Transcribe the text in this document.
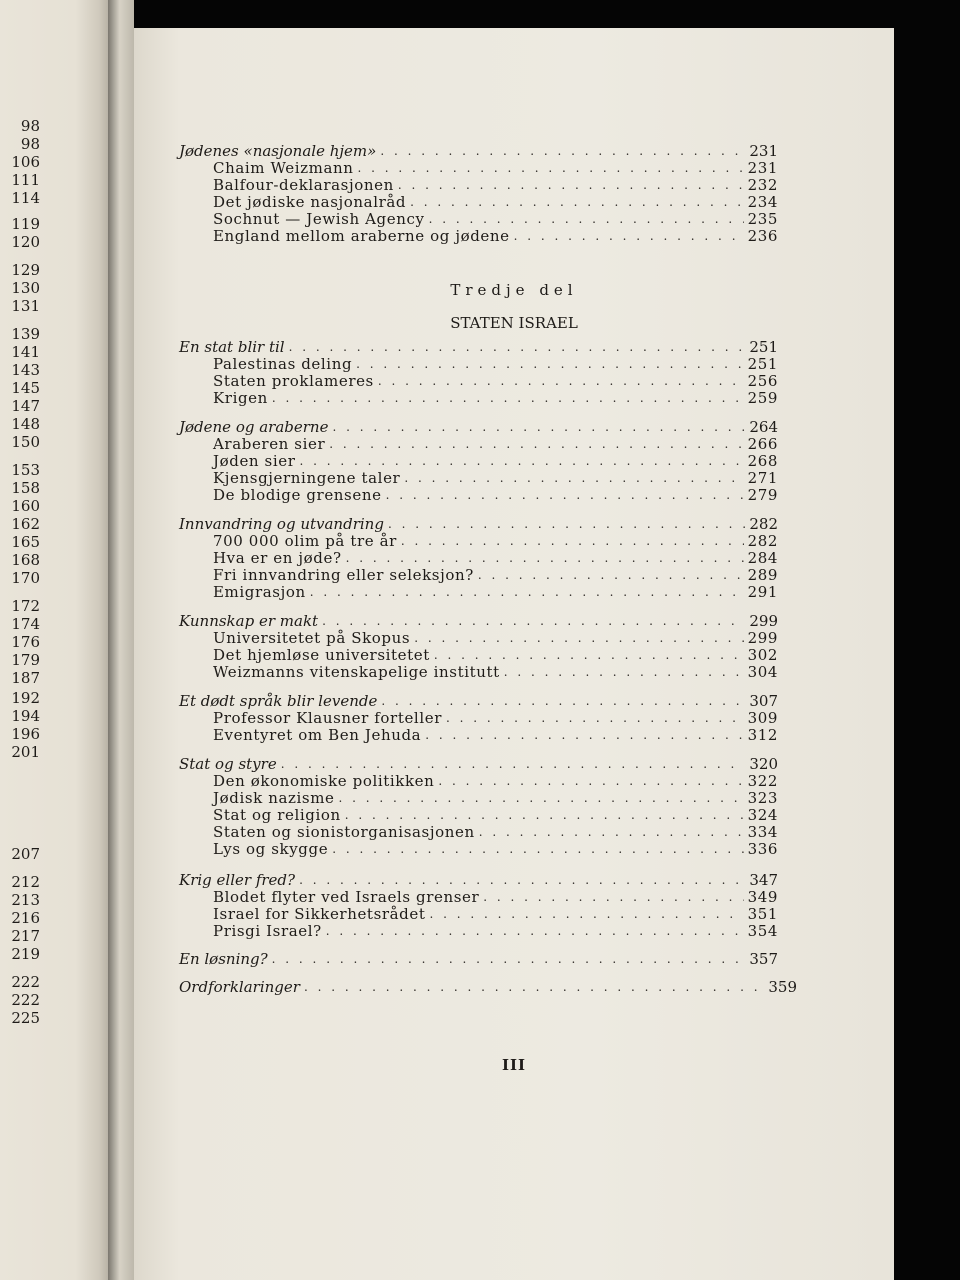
98
98
106
111
114
119
120
129
130
131
139
141
143
145
147
148
150
153
158
160
162
165
168
170
172
174
176
179
187
192
194
196
201
207
212
213
216
217
219
222
222
225
Tredje del
STATEN ISRAEL
III
Jødenes «nasjonale hjem» . . .	231
Chaim Weizmann . . .	231
Balfour-deklarasjonen . . .	232
Det jødiske nasjonalråd . . .	234
Sochnut — Jewish Agency . . .	235
England mellom araberne og jødene . . .	236
En stat blir til . . .	251
Palestinas deling . . .	251
Staten proklameres . . .	256
Krigen . . .	259
Jødene og araberne . . .	264
Araberen sier . . .	266
Jøden sier . . .	268
Kjensgjerningene taler . . .	271
De blodige grensene . . .	279
Innvandring og utvandring . . .	282
700 000 olim på tre år . . .	282
Hva er en jøde? . . .	284
Fri innvandring eller seleksjon? . . .	289
Emigrasjon . . .	291
Kunnskap er makt . . .	299
Universitetet på Skopus . . .	299
Det hjemløse universitetet . . .	302
Weizmanns vitenskapelige institutt . . .	304
Et dødt språk blir levende . . .	307
Professor Klausner forteller . . .	309
Eventyret om Ben Jehuda . . .	312
Stat og styre . . .	320
Den økonomiske politikken . . .	322
Jødisk nazisme . . .	323
Stat og religion . . .	324
Staten og sionistorganisasjonen . . .	334
Lys og skygge . . .	336
Krig eller fred? . . .	347
Blodet flyter ved Israels grenser . . .	349
Israel for Sikkerhetsrådet . . .	351
Prisgi Israel? . . .	354
En løsning? . . .	357
Ordforklaringer . . .	359
